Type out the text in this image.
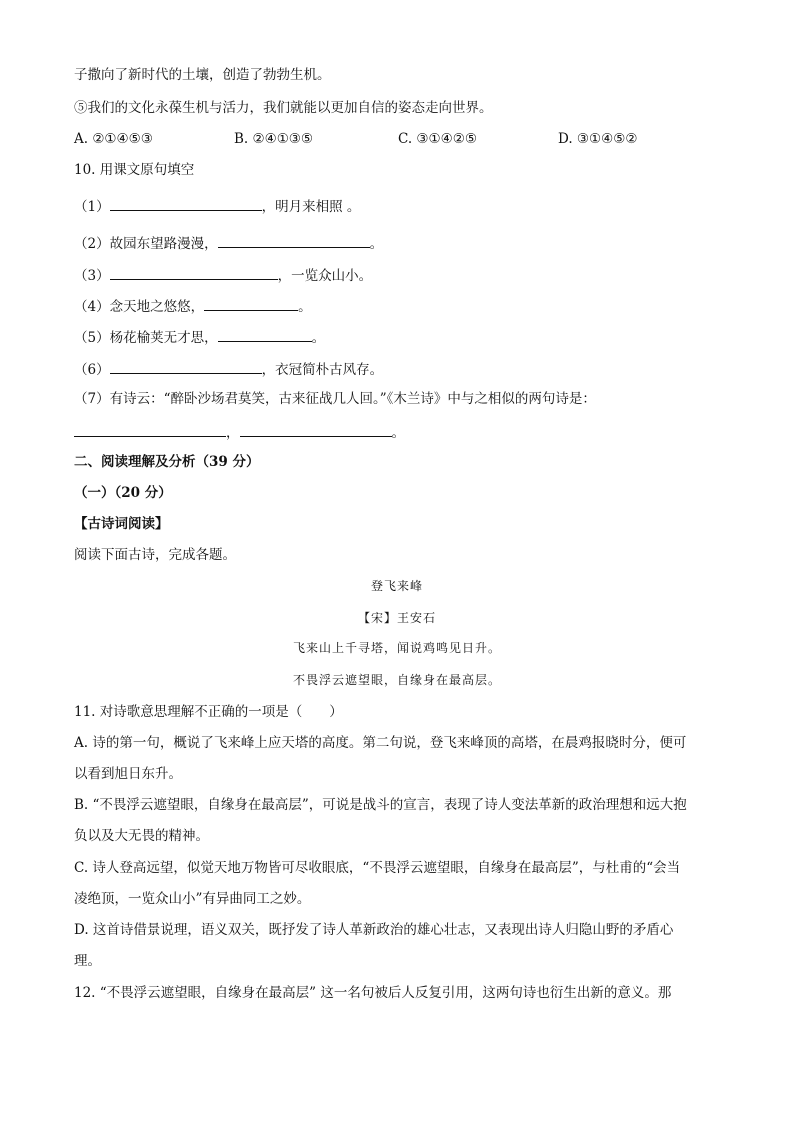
子撒向了新时代的土壤，创造了勃勃生机。
⑤我们的文化永葆生机与活力，我们就能以更加自信的姿态走向世界。
A. ②①④⑤③	B. ②④①③⑤	C. ③①④②⑤	D. ③①④⑤②
10. 用课文原句填空
（1）	，明月来相照 。
（2）故园东望路漫漫，	。
（3）	，一览众山小。
（4）念天地之悠悠，	。
（5）杨花榆荚无才思，	。
（6）	，衣冠简朴古风存。
（7）有诗云：“醉卧沙场君莫笑，古来征战几人回。”《木兰诗》中与之相似的两句诗是：
，	。
二、阅读理解及分析（39 分）
（一）（20 分）
【古诗词阅读】
阅读下面古诗，完成各题。
登飞来峰
【宋】王安石
飞来山上千寻塔，闻说鸡鸣见日升。
不畏浮云遮望眼，自缘身在最高层。
11. 对诗歌意思理解不正确的一项是（　　）
A. 诗的第一句，概说了飞来峰上应天塔的高度。第二句说，登飞来峰顶的高塔，在晨鸡报晓时分，便可
以看到旭日东升。
B. “不畏浮云遮望眼，自缘身在最高层”，可说是战斗的宣言，表现了诗人变法革新的政治理想和远大抱
负以及大无畏的精神。
C. 诗人登高远望，似觉天地万物皆可尽收眼底，“不畏浮云遮望眼，自缘身在最高层”，与杜甫的“会当
凌绝顶，一览众山小”有异曲同工之妙。
D. 这首诗借景说理，语义双关，既抒发了诗人革新政治的雄心壮志，又表现出诗人归隐山野的矛盾心
理。
12. “不畏浮云遮望眼，自缘身在最高层” 这一名句被后人反复引用，这两句诗也衍生出新的意义。那
